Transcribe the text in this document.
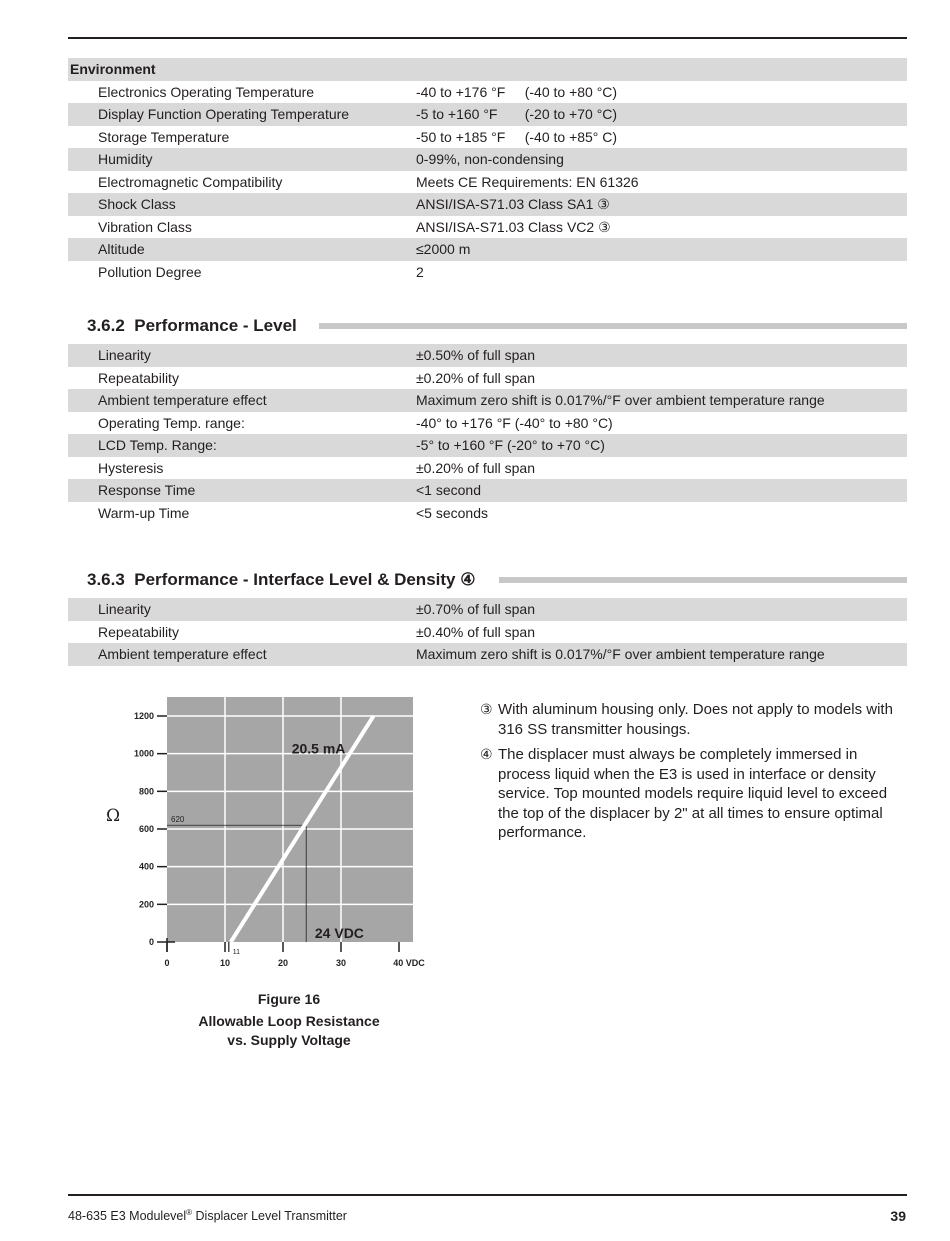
Environment
Electronics Operating Temperature	-40 to +176 °F     (-40 to +80 °C)
Display Function Operating Temperature	-5 to +160 °F       (-20 to +70 °C)
Storage Temperature	-50 to +185 °F     (-40 to +85° C)
Humidity	0-99%, non-condensing
Electromagnetic Compatibility	Meets CE Requirements: EN 61326
Shock Class	ANSI/ISA-S71.03 Class SA1 ③
Vibration Class	ANSI/ISA-S71.03 Class VC2 ③
Altitude	≤2000 m
Pollution Degree	2
3.6.2  Performance - Level
Linearity	±0.50% of full span
Repeatability	±0.20% of full span
Ambient temperature effect	Maximum zero shift is 0.017%/°F over ambient temperature range
Operating Temp. range:	-40° to +176 °F (-40° to +80 °C)
LCD Temp. Range:	-5° to +160 °F (-20° to +70 °C)
Hysteresis	±0.20% of full span
Response Time	<1 second
Warm-up Time	<5 seconds
3.6.3  Performance - Interface Level & Density ④
Linearity	±0.70% of full span
Repeatability	±0.40% of full span
Ambient temperature effect	Maximum zero shift is 0.017%/°F over ambient temperature range
0
200
400
600
800
1000
1200
0	10	20	30	40 VDC
20.5 mA
24 VDC
620
11
Ω
Figure 16
Allowable Loop Resistance
vs. Supply Voltage
③ With aluminum housing only. Does not apply to models with 316 SS transmitter housings.
④ The displacer must always be completely immersed in process liquid when the E3 is used in interface or density service. Top mounted models require liquid level to exceed the top of the displacer by 2" at all times to ensure optimal performance.
48-635 E3 Modulevel® Displacer Level Transmitter	39
